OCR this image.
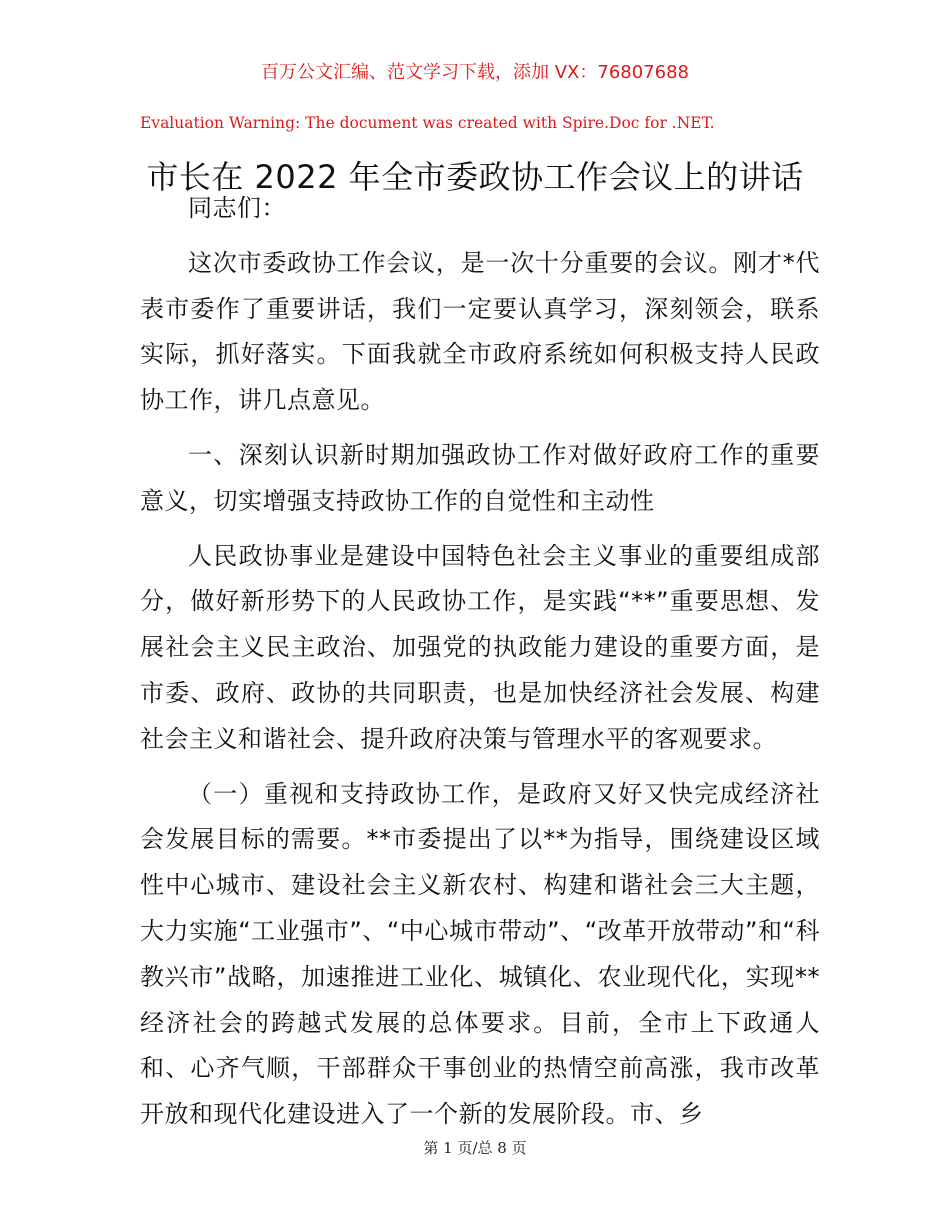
百万公文汇编、范文学习下载，添加 VX：76807688
Evaluation Warning: The document was created with Spire.Doc for .NET.
市长在 2022 年全市委政协工作会议上的讲话

同志们：

这次市委政协工作会议，是一次十分重要的会议。刚才*代表市委作了重要讲话，我们一定要认真学习，深刻领会，联系实际，抓好落实。下面我就全市政府系统如何积极支持人民政协工作，讲几点意见。

一、深刻认识新时期加强政协工作对做好政府工作的重要意义，切实增强支持政协工作的自觉性和主动性

人民政协事业是建设中国特色社会主义事业的重要组成部分，做好新形势下的人民政协工作，是实践“**”重要思想、发展社会主义民主政治、加强党的执政能力建设的重要方面，是市委、政府、政协的共同职责，也是加快经济社会发展、构建社会主义和谐社会、提升政府决策与管理水平的客观要求。

（一）重视和支持政协工作，是政府又好又快完成经济社会发展目标的需要。**市委提出了以**为指导，围绕建设区域性中心城市、建设社会主义新农村、构建和谐社会三大主题，大力实施“工业强市”、“中心城市带动”、“改革开放带动”和“科教兴市”战略，加速推进工业化、城镇化、农业现代化，实现**经济社会的跨越式发展的总体要求。目前，全市上下政通人和、心齐气顺，干部群众干事创业的热情空前高涨，我市改革开放和现代化建设进入了一个新的发展阶段。市、乡

第 1 页/总 8 页
